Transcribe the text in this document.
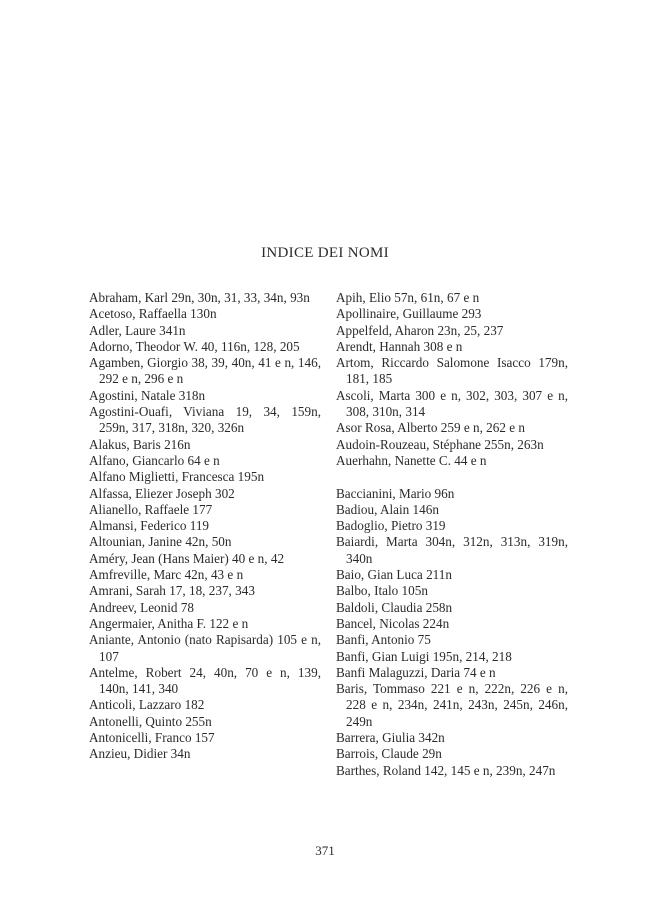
INDICE DEI NOMI
Abraham, Karl 29n, 30n, 31, 33, 34n, 93n
Acetoso, Raffaella 130n
Adler, Laure 341n
Adorno, Theodor W. 40, 116n, 128, 205
Agamben, Giorgio 38, 39, 40n, 41 e n, 146, 292 e n, 296 e n
Agostini, Natale 318n
Agostini-Ouafi, Viviana 19, 34, 159n, 259n, 317, 318n, 320, 326n
Alakus, Baris 216n
Alfano, Giancarlo 64 e n
Alfano Miglietti, Francesca 195n
Alfassa, Eliezer Joseph 302
Alianello, Raffaele 177
Almansi, Federico 119
Altounian, Janine 42n, 50n
Améry, Jean (Hans Maier) 40 e n, 42
Amfreville, Marc 42n, 43 e n
Amrani, Sarah 17, 18, 237, 343
Andreev, Leonid 78
Angermaier, Anitha F. 122 e n
Aniante, Antonio (nato Rapisarda) 105 e n, 107
Antelme, Robert 24, 40n, 70 e n, 139, 140n, 141, 340
Anticoli, Lazzaro 182
Antonelli, Quinto 255n
Antonicelli, Franco 157
Anzieu, Didier 34n
Apih, Elio 57n, 61n, 67 e n
Apollinaire, Guillaume 293
Appelfeld, Aharon 23n, 25, 237
Arendt, Hannah 308 e n
Artom, Riccardo Salomone Isacco 179n, 181, 185
Ascoli, Marta 300 e n, 302, 303, 307 e n, 308, 310n, 314
Asor Rosa, Alberto 259 e n, 262 e n
Audoin-Rouzeau, Stéphane 255n, 263n
Auerhahn, Nanette C. 44 e n
Baccianini, Mario 96n
Badiou, Alain 146n
Badoglio, Pietro 319
Baiardi, Marta 304n, 312n, 313n, 319n, 340n
Baio, Gian Luca 211n
Balbo, Italo 105n
Baldoli, Claudia 258n
Bancel, Nicolas 224n
Banfi, Antonio 75
Banfi, Gian Luigi 195n, 214, 218
Banfi Malaguzzi, Daria 74 e n
Baris, Tommaso 221 e n, 222n, 226 e n, 228 e n, 234n, 241n, 243n, 245n, 246n, 249n
Barrera, Giulia 342n
Barrois, Claude 29n
Barthes, Roland 142, 145 e n, 239n, 247n
371
